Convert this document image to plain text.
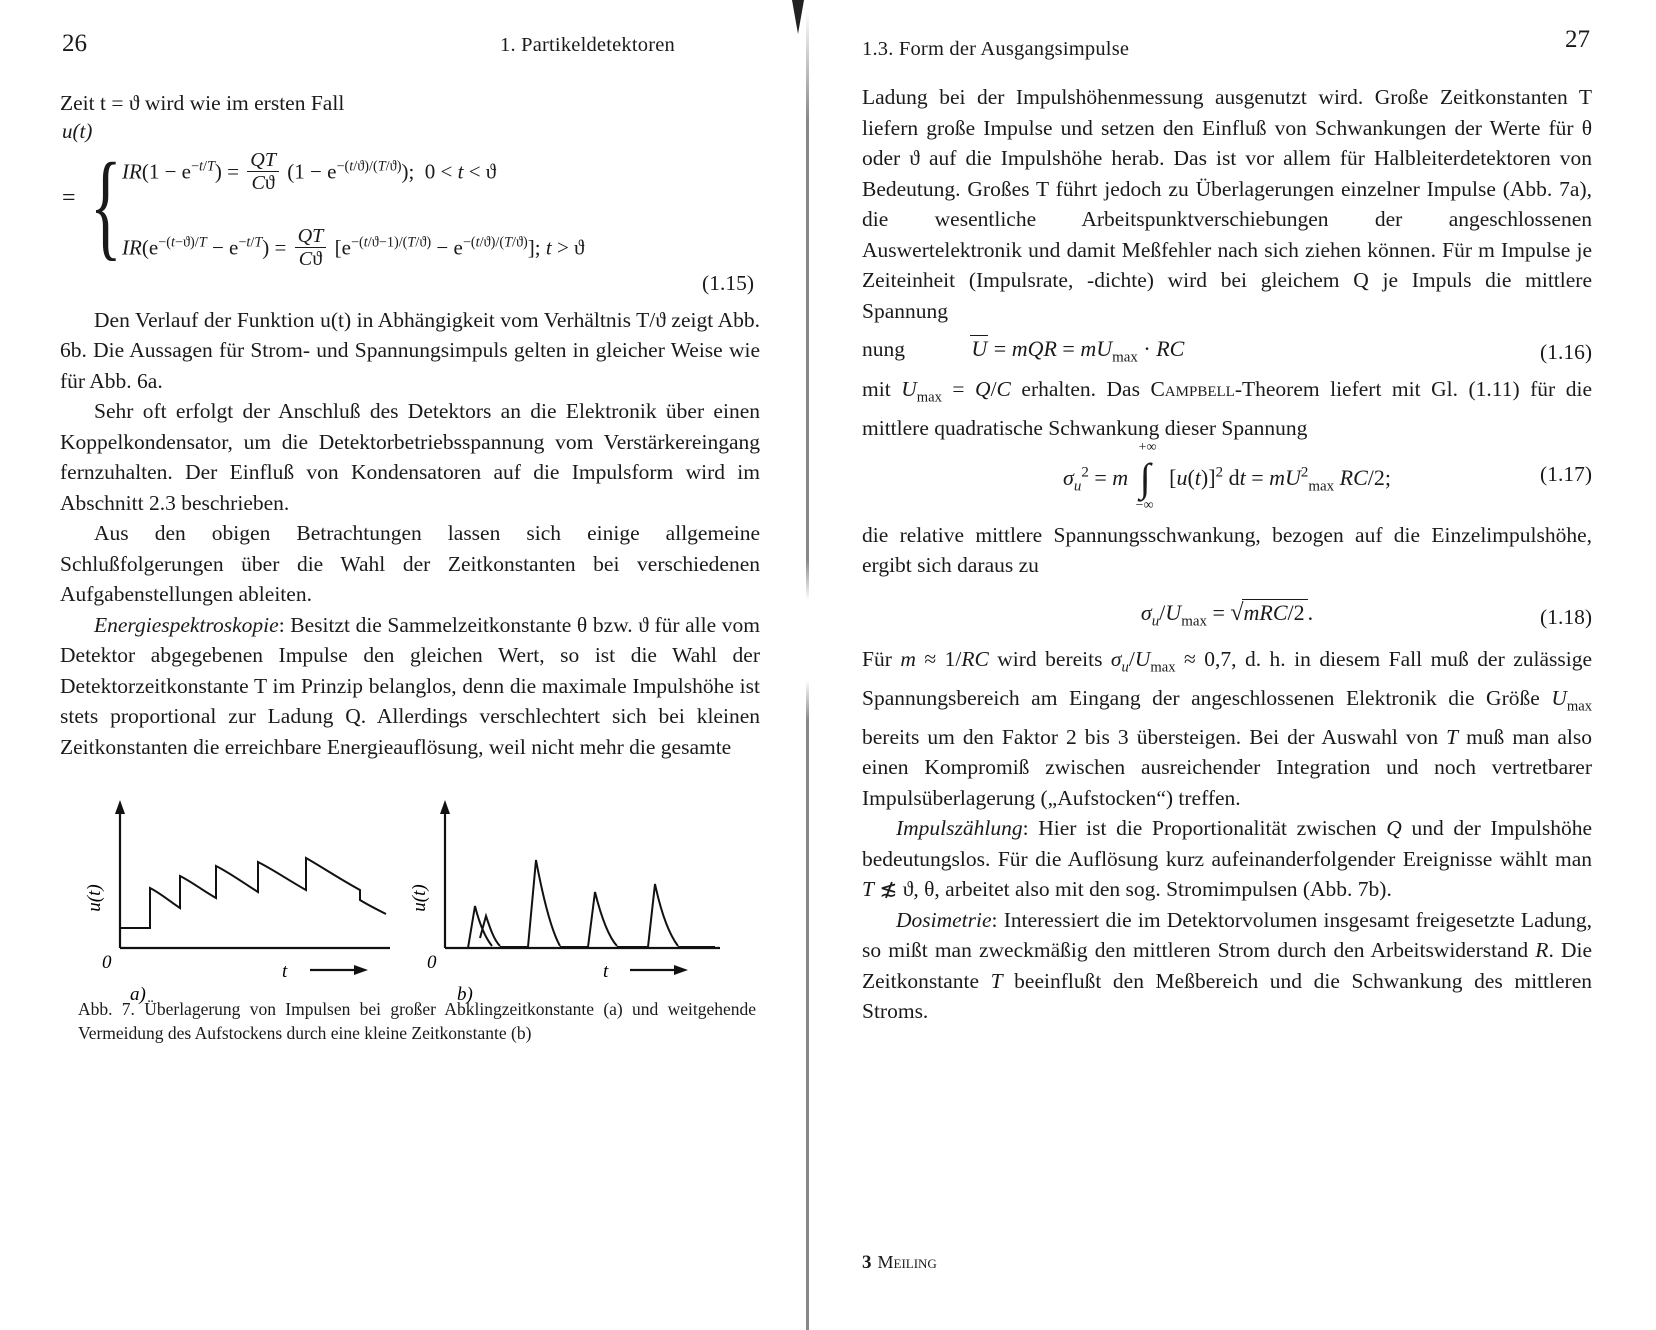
26	1. Partikeldetektoren

Zeit t = ϑ wird wie im ersten Fall

u(t)
= { $IR(1 - e^{-t/T}) = \frac{QT}{Cϑ} (1 - e^{-(t/ϑ)/(T/ϑ)})$;  0 < t < ϑ
$IR(e^{-(t-ϑ)/T} - e^{-t/T}) = \frac{QT}{Cϑ} [e^{-(t/ϑ-1)/(T/ϑ)} - e^{-(t/ϑ)/(T/ϑ)}]$; t > ϑ
(1.15)

Den Verlauf der Funktion u(t) in Abhängigkeit vom Verhältnis T/ϑ zeigt Abb. 6b. Die Aussagen für Strom- und Spannungsimpuls gelten in gleicher Weise wie für Abb. 6a.

Sehr oft erfolgt der Anschluß des Detektors an die Elektronik über einen Koppelkondensator, um die Detektorbetriebsspannung vom Verstärkereingang fernzuhalten. Der Einfluß von Kondensatoren auf die Impulsform wird im Abschnitt 2.3 beschrieben.

Aus den obigen Betrachtungen lassen sich einige allgemeine Schlußfolgerungen über die Wahl der Zeitkonstanten bei verschiedenen Aufgabenstellungen ableiten.

Energiespektroskopie: Besitzt die Sammelzeitkonstante θ bzw. ϑ für alle vom Detektor abgegebenen Impulse den gleichen Wert, so ist die Wahl der Detektorzeitkonstante T im Prinzip belanglos, denn die maximale Impulshöhe ist stets proportional zur Ladung Q. Allerdings verschlechtert sich bei kleinen Zeitkonstanten die erreichbare Energieauflösung, weil nicht mehr die gesamte

u(t)
0	t
a)
u(t)
0	t
b)
Abb. 7. Überlagerung von Impulsen bei großer Abklingzeitkonstante (a) und weitgehende Vermeidung des Aufstockens durch eine kleine Zeitkonstante (b)
1.3. Form der Ausgangsimpulse	27

Ladung bei der Impulshöhenmessung ausgenutzt wird. Große Zeitkonstanten T liefern große Impulse und setzen den Einfluß von Schwankungen der Werte für θ oder ϑ auf die Impulshöhe herab. Das ist vor allem für Halbleiterdetektoren von Bedeutung. Großes T führt jedoch zu Überlagerungen einzelner Impulse (Abb. 7a), die wesentliche Arbeitspunktverschiebungen der angeschlossenen Auswertelektronik und damit Meßfehler nach sich ziehen können. Für m Impulse je Zeiteinheit (Impulsrate, -dichte) wird bei gleichem Q je Impuls die mittlere Spannung

nung	U = mQR = $mU_{max}$ · RC	(1.16)

mit $U_{max} = Q/C$ erhalten. Das Campbell-Theorem liefert mit Gl. (1.11) für die mittlere quadratische Schwankung dieser Spannung

$\sigma_u^2 = m$
+∞
∫
−∞
$[u(t)]^2$ dt = $mU^2_{max}$ RC/2;	(1.17)

die relative mittlere Spannungsschwankung, bezogen auf die Einzelimpulshöhe, ergibt sich daraus zu

$\sigma_u/U_{max} = √mRC/2$ .	(1.18)

Für m ≈ 1/RC wird bereits $\sigma_u/U_{max} \approx 0,7$, d. h. in diesem Fall muß der zulässige Spannungsbereich am Eingang der angeschlossenen Elektronik die Größe $U_{max}$ bereits um den Faktor 2 bis 3 übersteigen. Bei der Auswahl von T muß man also einen Kompromiß zwischen ausreichender Integration und noch vertretbarer Impulsüberlagerung („Aufstocken“) treffen.

Impulszählung: Hier ist die Proportionalität zwischen Q und der Impulshöhe bedeutungslos. Für die Auflösung kurz aufeinanderfolgender Ereignisse wählt man T ≴ ϑ, θ, arbeitet also mit den sog. Stromimpulsen (Abb. 7b).

Dosimetrie: Interessiert die im Detektorvolumen insgesamt freigesetzte Ladung, so mißt man zweckmäßig den mittleren Strom durch den Arbeitswiderstand R. Die Zeitkonstante T beeinflußt den Meßbereich und die Schwankung des mittleren Stroms.

3 Meiling
